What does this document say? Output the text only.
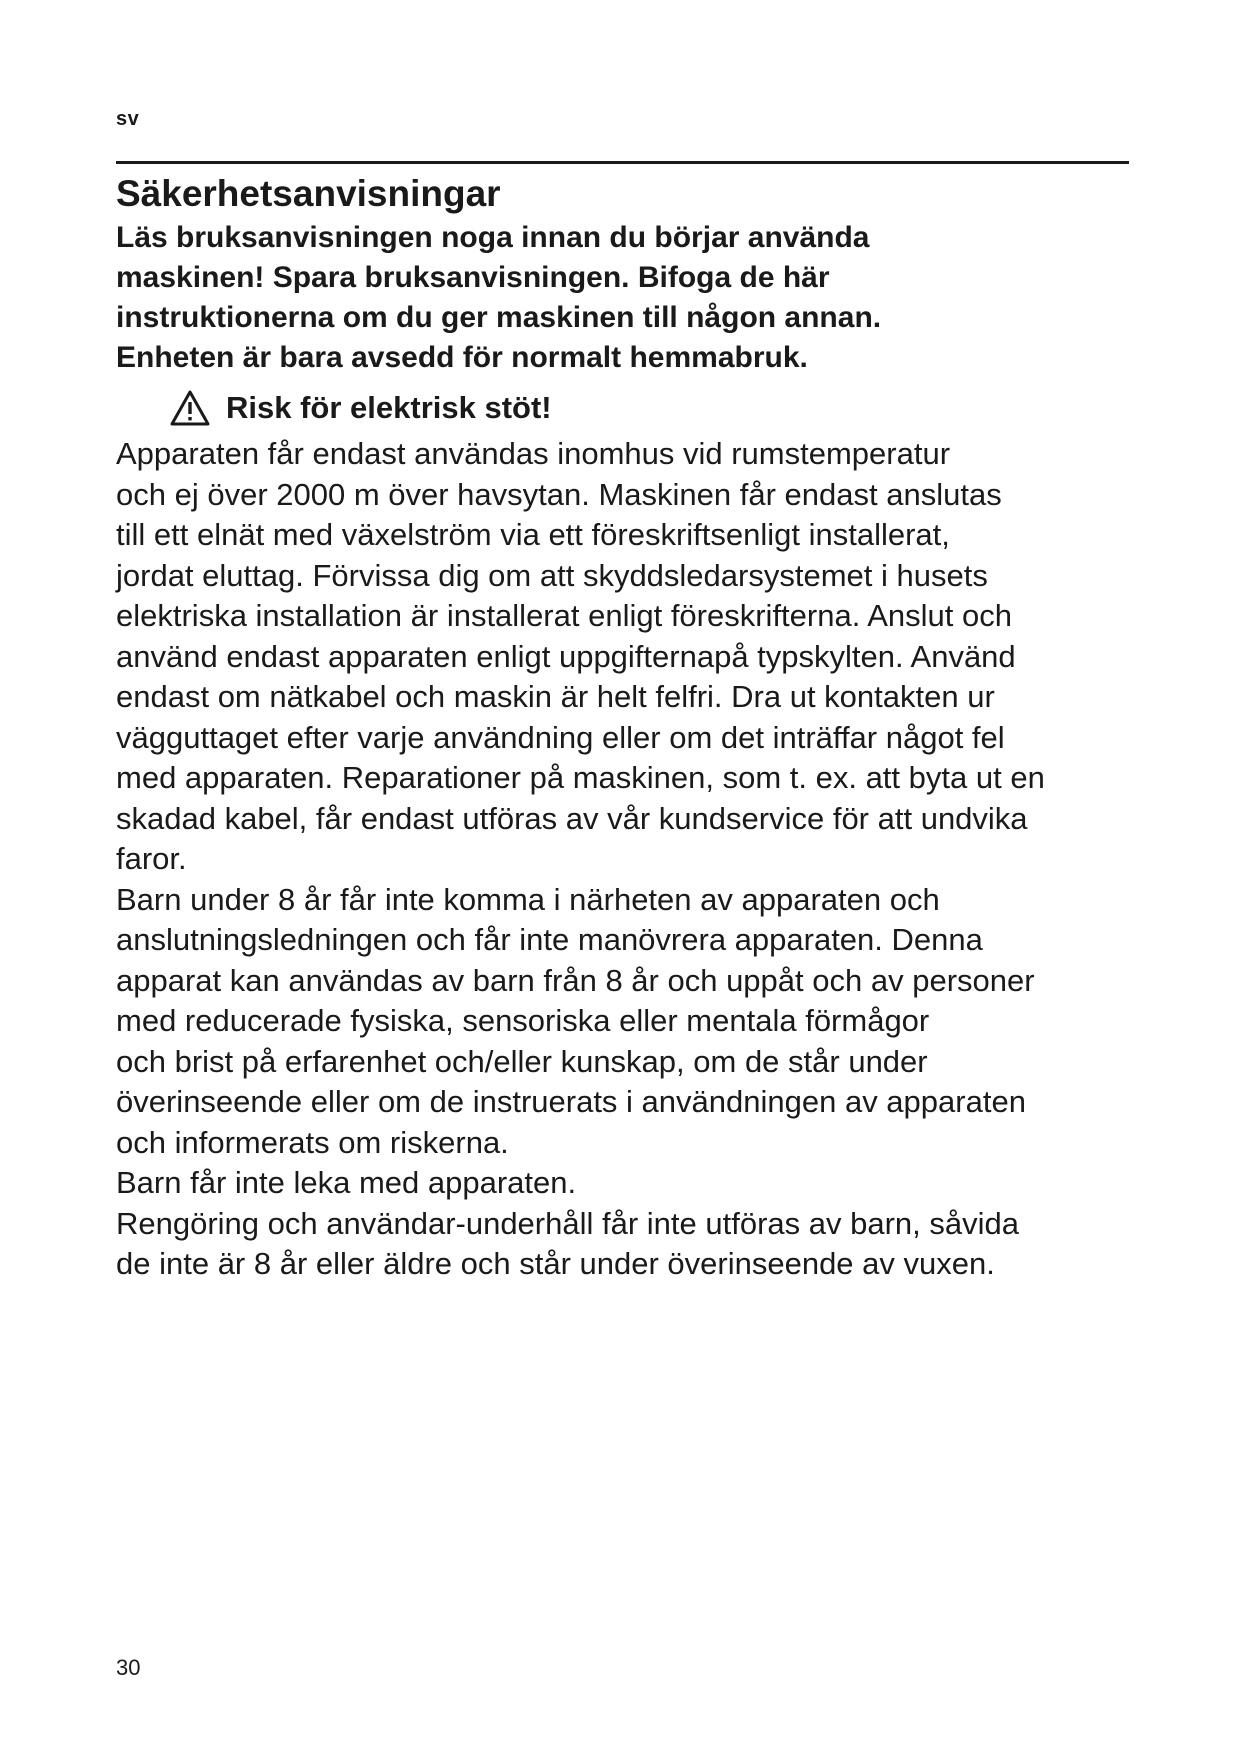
sv
Säkerhetsanvisningar

Läs bruksanvisningen noga innan du börjar använda
maskinen! Spara bruksanvisningen. Bifoga de här
instruktionerna om du ger maskinen till någon annan.
Enheten är bara avsedd för normalt hemmabruk.

Risk för elektrisk stöt!

Apparaten får endast användas inomhus vid rumstemperatur
och ej över 2000 m över havsytan. Maskinen får endast anslutas
till ett elnät med växelström via ett föreskriftsenligt installerat,
jordat eluttag. Förvissa dig om att skyddsledarsystemet i husets
elektriska installation är installerat enligt föreskrifterna. Anslut och
använd endast apparaten enligt uppgifternapå typskylten. Använd
endast om nätkabel och maskin är helt felfri. Dra ut kontakten ur
vägguttaget efter varje användning eller om det inträffar något fel
med apparaten. Reparationer på maskinen, som t. ex. att byta ut en
skadad kabel, får endast utföras av vår kundservice för att undvika
faror.
Barn under 8 år får inte komma i närheten av apparaten och
anslutningsledningen och får inte manövrera apparaten. Denna
apparat kan användas av barn från 8 år och uppåt och av personer
med reducerade fysiska, sensoriska eller mentala förmågor
och brist på erfarenhet och/eller kunskap, om de står under
överinseende eller om de instruerats i användningen av apparaten
och informerats om riskerna.
Barn får inte leka med apparaten.
Rengöring och användar-underhåll får inte utföras av barn, såvida
de inte är 8 år eller äldre och står under överinseende av vuxen.

30
